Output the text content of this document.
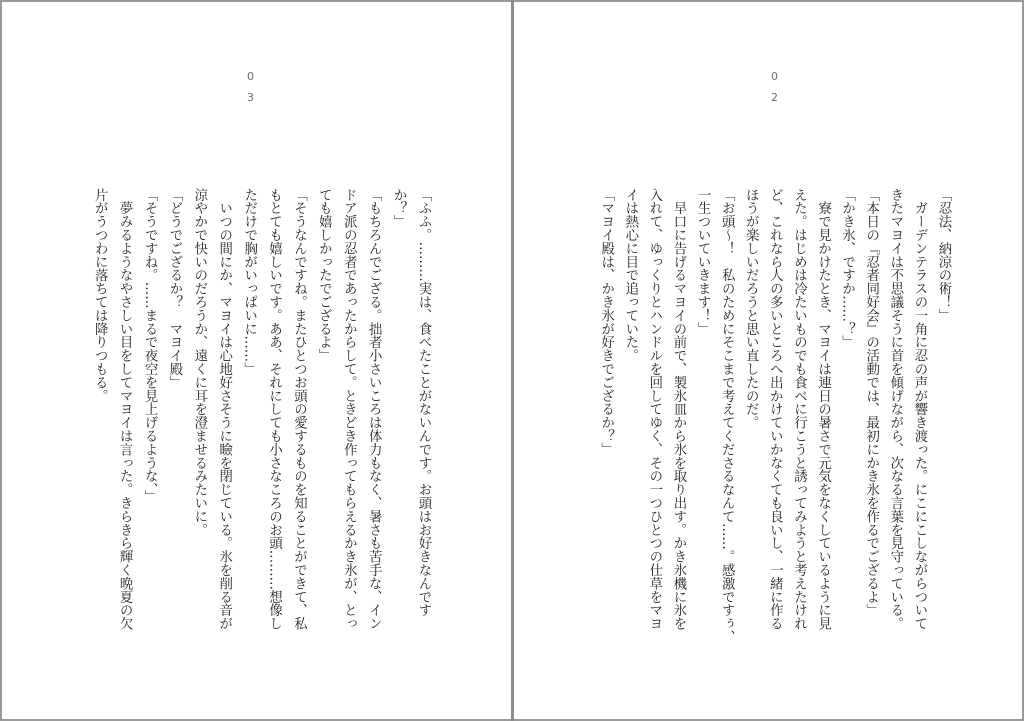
03
「ふふ。………実は、食べたことがないんです。お頭はお好きなんです
か？」
「もちろんでござる。拙者小さいころは体力もなく、暑さも苦手な、イン
ドア派の忍者であったからして。ときどき作ってもらえるかき氷が、とっ
ても嬉しかったでござるよ」
「そうなんですね。またひとつお頭の愛するものを知ることができて、私
もとても嬉しいです。ああ、それにしても小さなころのお頭………想像し
ただけで胸がいっぱいに……」
　いつの間にか、マヨイは心地好さそうに瞼を閉じている。氷を削る音が
涼やかで快いのだろうか、遠くに耳を澄ませるみたいに。
「どうでござるか？　マヨイ殿」
「そうですね。……まるで夜空を見上げるような、」
　夢みるようなやさしい目をしてマヨイは言った。きらきら輝く晩夏の欠
片がうつわに落ちては降りつもる。
02
「忍法、納涼の術！」
　ガーデンテラスの一角に忍の声が響き渡った。にこにこしながらついて
きたマヨイは不思議そうに首を傾げながら、次なる言葉を見守っている。
「本日の『忍者同好会』の活動では、最初にかき氷を作るでござるよ」
「かき氷、ですか……？」
　寮で見かけたとき、マヨイは連日の暑さで元気をなくしているように見
えた。はじめは冷たいものでも食べに行こうと誘ってみようと考えたけれ
ど、これなら人の多いところへ出かけていかなくても良いし、一緒に作る
ほうが楽しいだろうと思い直したのだ。
「お頭～！　私のためにそこまで考えてくださるなんて……。感激ですぅ、
一生ついていきます！」
　早口に告げるマヨイの前で、製氷皿から氷を取り出す。かき氷機に氷を
入れて、ゆっくりとハンドルを回してゆく、その一つひとつの仕草をマヨ
イは熱心に目で追っていた。
「マヨイ殿は、かき氷が好きでござるか？」
